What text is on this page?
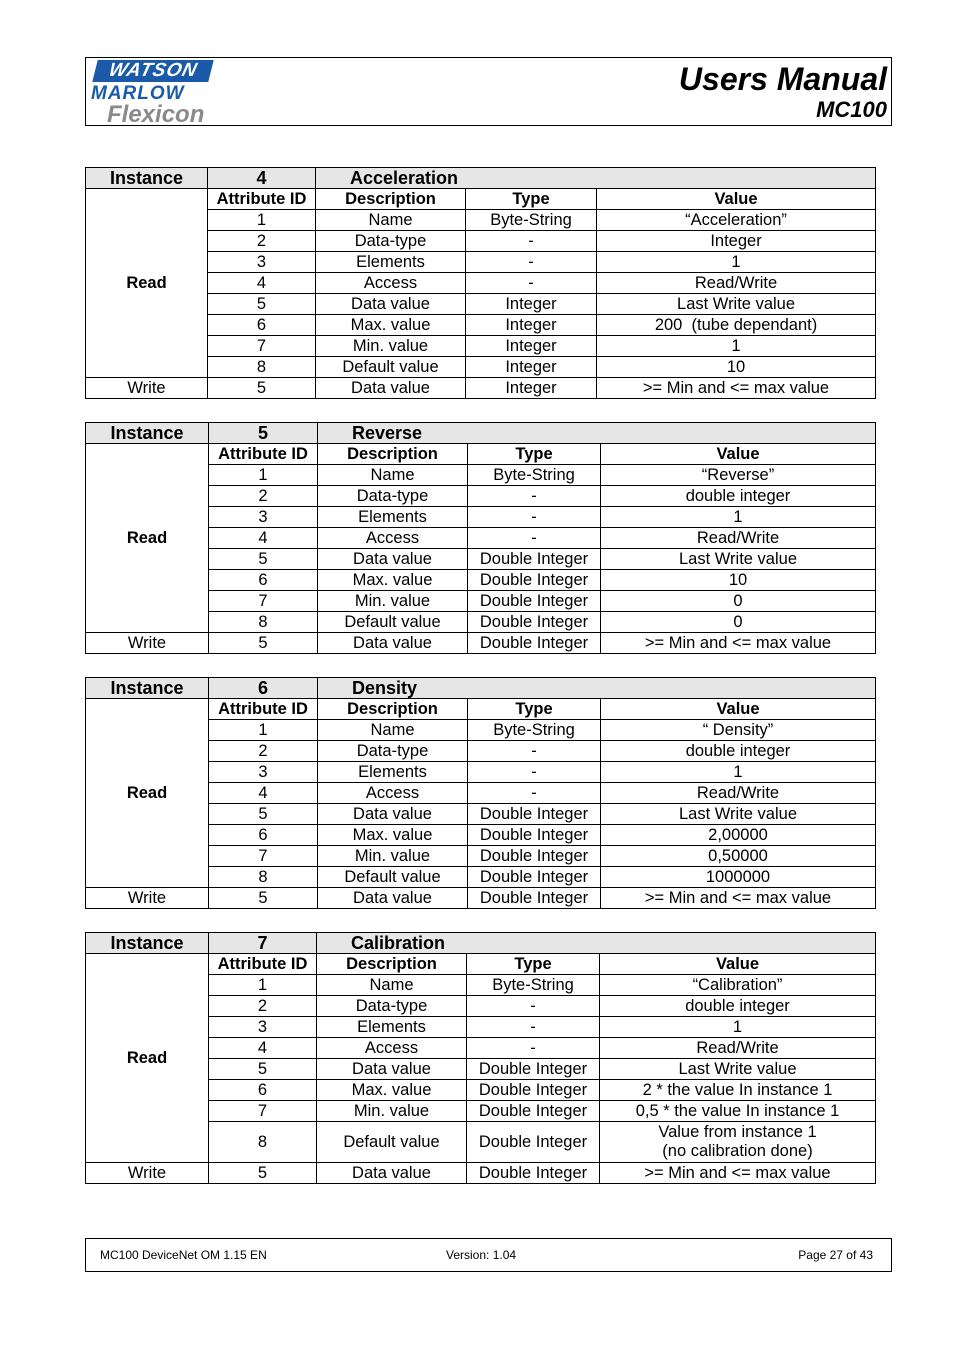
WATSON
MARLOW
Flexicon
Users Manual
MC100
Instance	4	Acceleration		
Read	Attribute ID	Description	Type	Value
	1	Name	Byte-String	“Acceleration”
	2	Data-type	-	Integer
	3	Elements	-	1
	4	Access	-	Read/Write
	5	Data value	Integer	Last Write value
	6	Max. value	Integer	200  (tube dependant)
	7	Min. value	Integer	1
	8	Default value	Integer	10
Write	5	Data value	Integer	>= Min and <= max value
Instance	5	Reverse		
Read	Attribute ID	Description	Type	Value
	1	Name	Byte-String	“Reverse”
	2	Data-type	-	double integer
	3	Elements	-	1
	4	Access	-	Read/Write
	5	Data value	Double Integer	Last Write value
	6	Max. value	Double Integer	10
	7	Min. value	Double Integer	0
	8	Default value	Double Integer	0
Write	5	Data value	Double Integer	>= Min and <= max value
Instance	6	Density		
Read	Attribute ID	Description	Type	Value
	1	Name	Byte-String	“ Density”
	2	Data-type	-	double integer
	3	Elements	-	1
	4	Access	-	Read/Write
	5	Data value	Double Integer	Last Write value
	6	Max. value	Double Integer	2,00000
	7	Min. value	Double Integer	0,50000
	8	Default value	Double Integer	1000000
Write	5	Data value	Double Integer	>= Min and <= max value
Instance	7	Calibration		
Read	Attribute ID	Description	Type	Value
	1	Name	Byte-String	“Calibration”
	2	Data-type	-	double integer
	3	Elements	-	1
	4	Access	-	Read/Write
	5	Data value	Double Integer	Last Write value
	6	Max. value	Double Integer	2 * the value In instance 1
	7	Min. value	Double Integer	0,5 * the value In instance 1
	8	Default value	Double Integer	Value from instance 1
(no calibration done)

Write	5	Data value	Double Integer	>= Min and <= max value
MC100 DeviceNet OM 1.15 EN	Version: 1.04	Page 27 of 43
